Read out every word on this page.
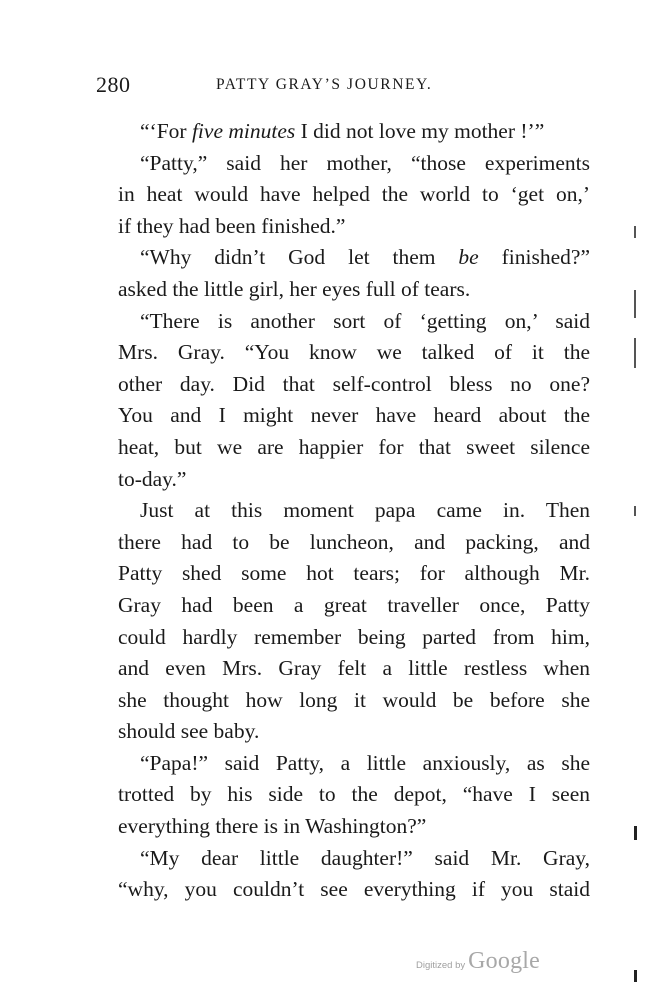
280	PATTY GRAY’S JOURNEY.
“‘For five minutes I did not love my mother !’”
“Patty,” said her mother, “those experiments
in heat would have helped the world to ‘get on,’
if they had been finished.”
“Why didn’t God let them be finished?”
asked the little girl, her eyes full of tears.
“There is another sort of ‘getting on,’ said
Mrs. Gray. “You know we talked of it the
other day. Did that self-control bless no one?
You and I might never have heard about the
heat, but we are happier for that sweet silence
to-day.”
Just at this moment papa came in. Then
there had to be luncheon, and packing, and
Patty shed some hot tears; for although Mr.
Gray had been a great traveller once, Patty
could hardly remember being parted from him,
and even Mrs. Gray felt a little restless when
she thought how long it would be before she
should see baby.
“Papa!” said Patty, a little anxiously, as she
trotted by his side to the depot, “have I seen
everything there is in Washington?”
“My dear little daughter!” said Mr. Gray,
“why, you couldn’t see everything if you staid
Digitized by Google
